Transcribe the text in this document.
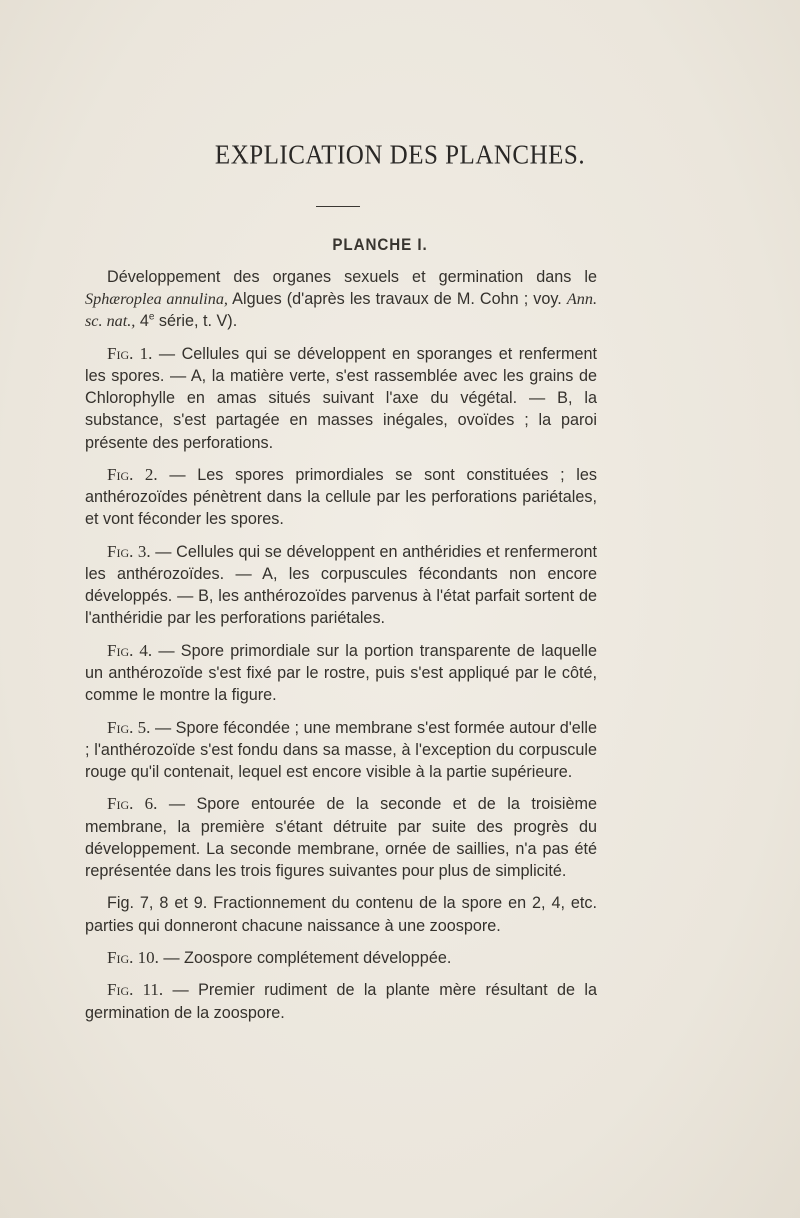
EXPLICATION DES PLANCHES.
PLANCHE I.

Développement des organes sexuels et germination dans le Sphæroplea annulina, Algues (d'après les travaux de M. Cohn ; voy. Ann. sc. nat., 4e série, t. V).

Fig. 1. — Cellules qui se développent en sporanges et renferment les spores. — A, la matière verte, s'est rassemblée avec les grains de Chlorophylle en amas situés suivant l'axe du végétal. — B, la substance, s'est partagée en masses inégales, ovoïdes ; la paroi présente des perforations.

Fig. 2. — Les spores primordiales se sont constituées ; les anthérozoïdes pénètrent dans la cellule par les perforations pariétales, et vont féconder les spores.

Fig. 3. — Cellules qui se développent en anthéridies et renfermeront les anthérozoïdes. — A, les corpuscules fécondants non encore développés. — B, les anthérozoïdes parvenus à l'état parfait sortent de l'anthéridie par les perforations pariétales.

Fig. 4. — Spore primordiale sur la portion transparente de laquelle un anthérozoïde s'est fixé par le rostre, puis s'est appliqué par le côté, comme le montre la figure.

Fig. 5. — Spore fécondée ; une membrane s'est formée autour d'elle ; l'anthérozoïde s'est fondu dans sa masse, à l'exception du corpuscule rouge qu'il contenait, lequel est encore visible à la partie supérieure.

Fig. 6. — Spore entourée de la seconde et de la troisième membrane, la première s'étant détruite par suite des progrès du développement. La seconde membrane, ornée de saillies, n'a pas été représentée dans les trois figures suivantes pour plus de simplicité.

Fig. 7, 8 et 9. Fractionnement du contenu de la spore en 2, 4, etc. parties qui donneront chacune naissance à une zoospore.

Fig. 10. — Zoospore complétement développée.

Fig. 11. — Premier rudiment de la plante mère résultant de la germination de la zoospore.
